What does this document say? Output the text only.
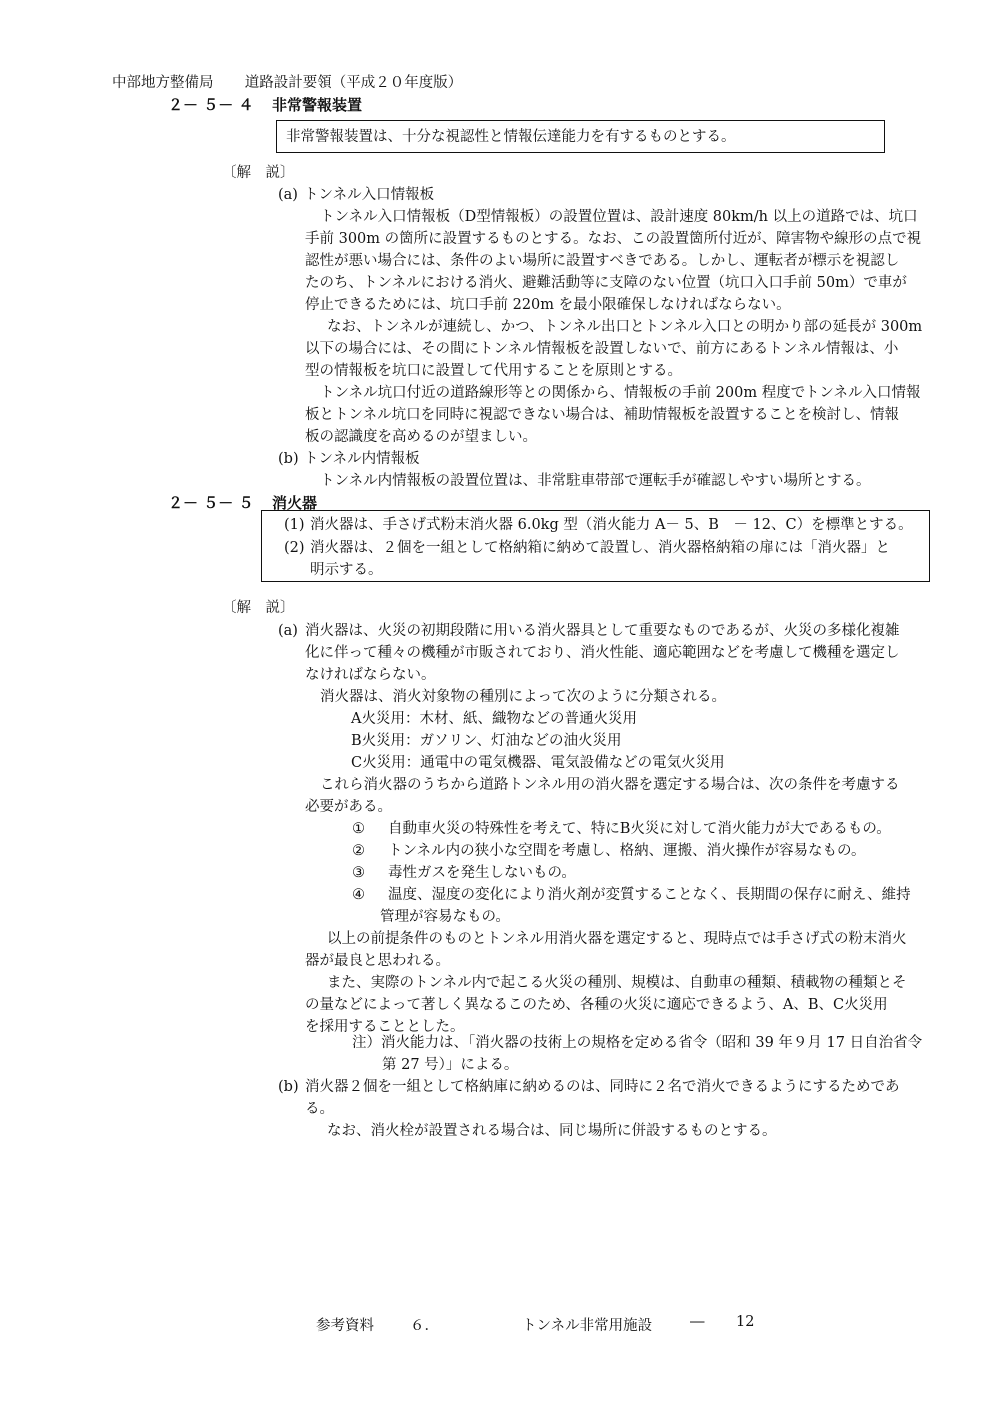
中部地方整備局 道路設計要領（平成２０年度版）
２－ ５－ ４ 非常警報装置
非常警報装置は、十分な視認性と情報伝達能力を有するものとする。
〔解　説〕
(a) トンネル入口情報板
トンネル入口情報板（D型情報板）の設置位置は、設計速度 80km/h 以上の道路では、坑口
手前 300m の箇所に設置するものとする。なお、この設置箇所付近が、障害物や線形の点で視
認性が悪い場合には、条件のよい場所に設置すべきである。しかし、運転者が標示を視認し
たのち、トンネルにおける消火、避難活動等に支障のない位置（坑口入口手前 50m）で車が
停止できるためには、坑口手前 220m を最小限確保しなければならない。
なお、トンネルが連続し、かつ、トンネル出口とトンネル入口との明かり部の延長が 300m
以下の場合には、その間にトンネル情報板を設置しないで、前方にあるトンネル情報は、小
型の情報板を坑口に設置して代用することを原則とする。
トンネル坑口付近の道路線形等との関係から、情報板の手前 200m 程度でトンネル入口情報
板とトンネル坑口を同時に視認できない場合は、補助情報板を設置することを検討し、情報
板の認識度を高めるのが望ましい。
(b) トンネル内情報板
トンネル内情報板の設置位置は、非常駐車帯部で運転手が確認しやすい場所とする。
２－ ５－ ５ 消火器
(1) 消火器は、手さげ式粉末消火器 6.0kg 型（消火能力 A－ 5、B　－ 12、C）を標準とする。
(2) 消火器は、２個を一組として格納箱に納めて設置し、消火器格納箱の扉には「消火器」と
明示する。
〔解　説〕
(a) 消火器は、火災の初期段階に用いる消火器具として重要なものであるが、火災の多様化複雑
化に伴って種々の機種が市販されており、消火性能、適応範囲などを考慮して機種を選定し
なければならない。
消火器は、消火対象物の種別によって次のように分類される。
A火災用：木材、紙、織物などの普通火災用
B火災用：ガソリン、灯油などの油火災用
C火災用：通電中の電気機器、電気設備などの電気火災用
これら消火器のうちから道路トンネル用の消火器を選定する場合は、次の条件を考慮する
必要がある。
① 自動車火災の特殊性を考えて、特にB火災に対して消火能力が大であるもの。
② トンネル内の狭小な空間を考慮し、格納、運搬、消火操作が容易なもの。
③ 毒性ガスを発生しないもの。
④ 温度、湿度の変化により消火剤が変質することなく、長期間の保存に耐え、維持
管理が容易なもの。
以上の前提条件のものとトンネル用消火器を選定すると、現時点では手さげ式の粉末消火
器が最良と思われる。
また、実際のトンネル内で起こる火災の種別、規模は、自動車の種類、積載物の種類とそ
の量などによって著しく異なるこのため、各種の火災に適応できるよう、A、B、C火災用
を採用することとした。
注）消火能力は、「消火器の技術上の規格を定める省令（昭和 39 年９月 17 日自治省令
第 27 号）」による。
(b) 消火器２個を一組として格納庫に納めるのは、同時に２名で消火できるようにするためであ
る。
なお、消火栓が設置される場合は、同じ場所に併設するものとする。
参考資料 ６．	トンネル非常用施設	― 12
